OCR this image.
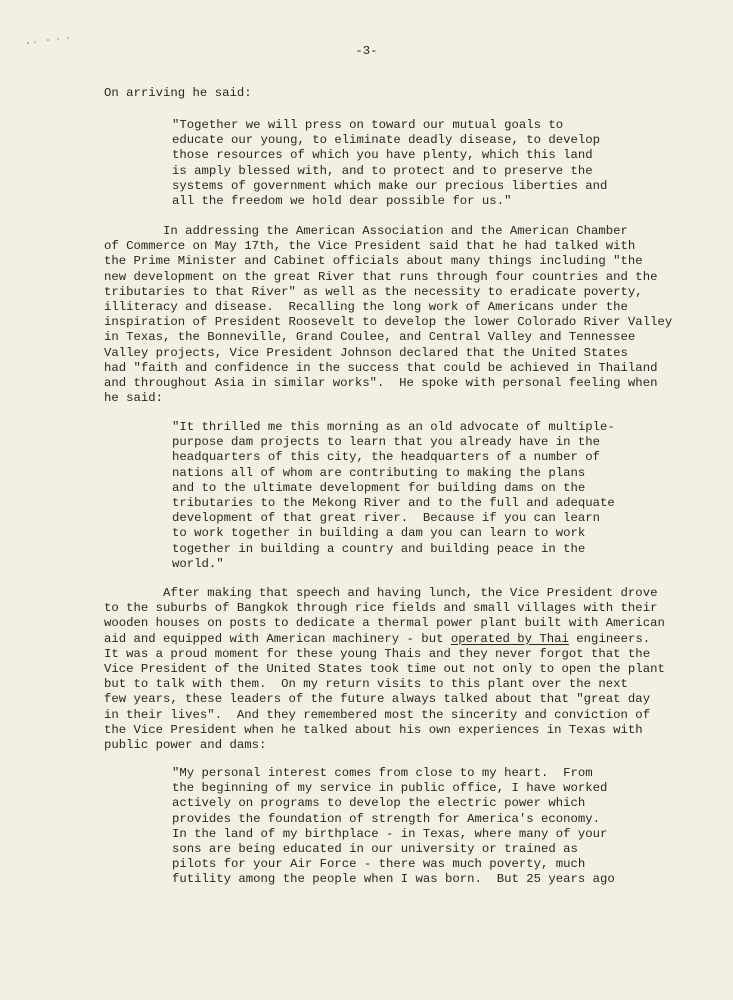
-3-
On arriving he said:
"Together we will press on toward our mutual goals to
educate our young, to eliminate deadly disease, to develop
those resources of which you have plenty, which this land
is amply blessed with, and to protect and to preserve the
systems of government which make our precious liberties and
all the freedom we hold dear possible for us."
In addressing the American Association and the American Chamber
of Commerce on May 17th, the Vice President said that he had talked with
the Prime Minister and Cabinet officials about many things including "the
new development on the great River that runs through four countries and the
tributaries to that River" as well as the necessity to eradicate poverty,
illiteracy and disease.  Recalling the long work of Americans under the
inspiration of President Roosevelt to develop the lower Colorado River Valley
in Texas, the Bonneville, Grand Coulee, and Central Valley and Tennessee
Valley projects, Vice President Johnson declared that the United States
had "faith and confidence in the success that could be achieved in Thailand
and throughout Asia in similar works".  He spoke with personal feeling when
he said:
"It thrilled me this morning as an old advocate of multiple-
purpose dam projects to learn that you already have in the
headquarters of this city, the headquarters of a number of
nations all of whom are contributing to making the plans
and to the ultimate development for building dams on the
tributaries to the Mekong River and to the full and adequate
development of that great river.  Because if you can learn
to work together in building a dam you can learn to work
together in building a country and building peace in the
world."
After making that speech and having lunch, the Vice President drove
to the suburbs of Bangkok through rice fields and small villages with their
wooden houses on posts to dedicate a thermal power plant built with American
aid and equipped with American machinery - but operated by Thai engineers.
It was a proud moment for these young Thais and they never forgot that the
Vice President of the United States took time out not only to open the plant
but to talk with them.  On my return visits to this plant over the next
few years, these leaders of the future always talked about that "great day
in their lives".  And they remembered most the sincerity and conviction of
the Vice President when he talked about his own experiences in Texas with
public power and dams:
"My personal interest comes from close to my heart.  From
the beginning of my service in public office, I have worked
actively on programs to develop the electric power which
provides the foundation of strength for America's economy.
In the land of my birthplace - in Texas, where many of your
sons are being educated in our university or trained as
pilots for your Air Force - there was much poverty, much
futility among the people when I was born.  But 25 years ago
